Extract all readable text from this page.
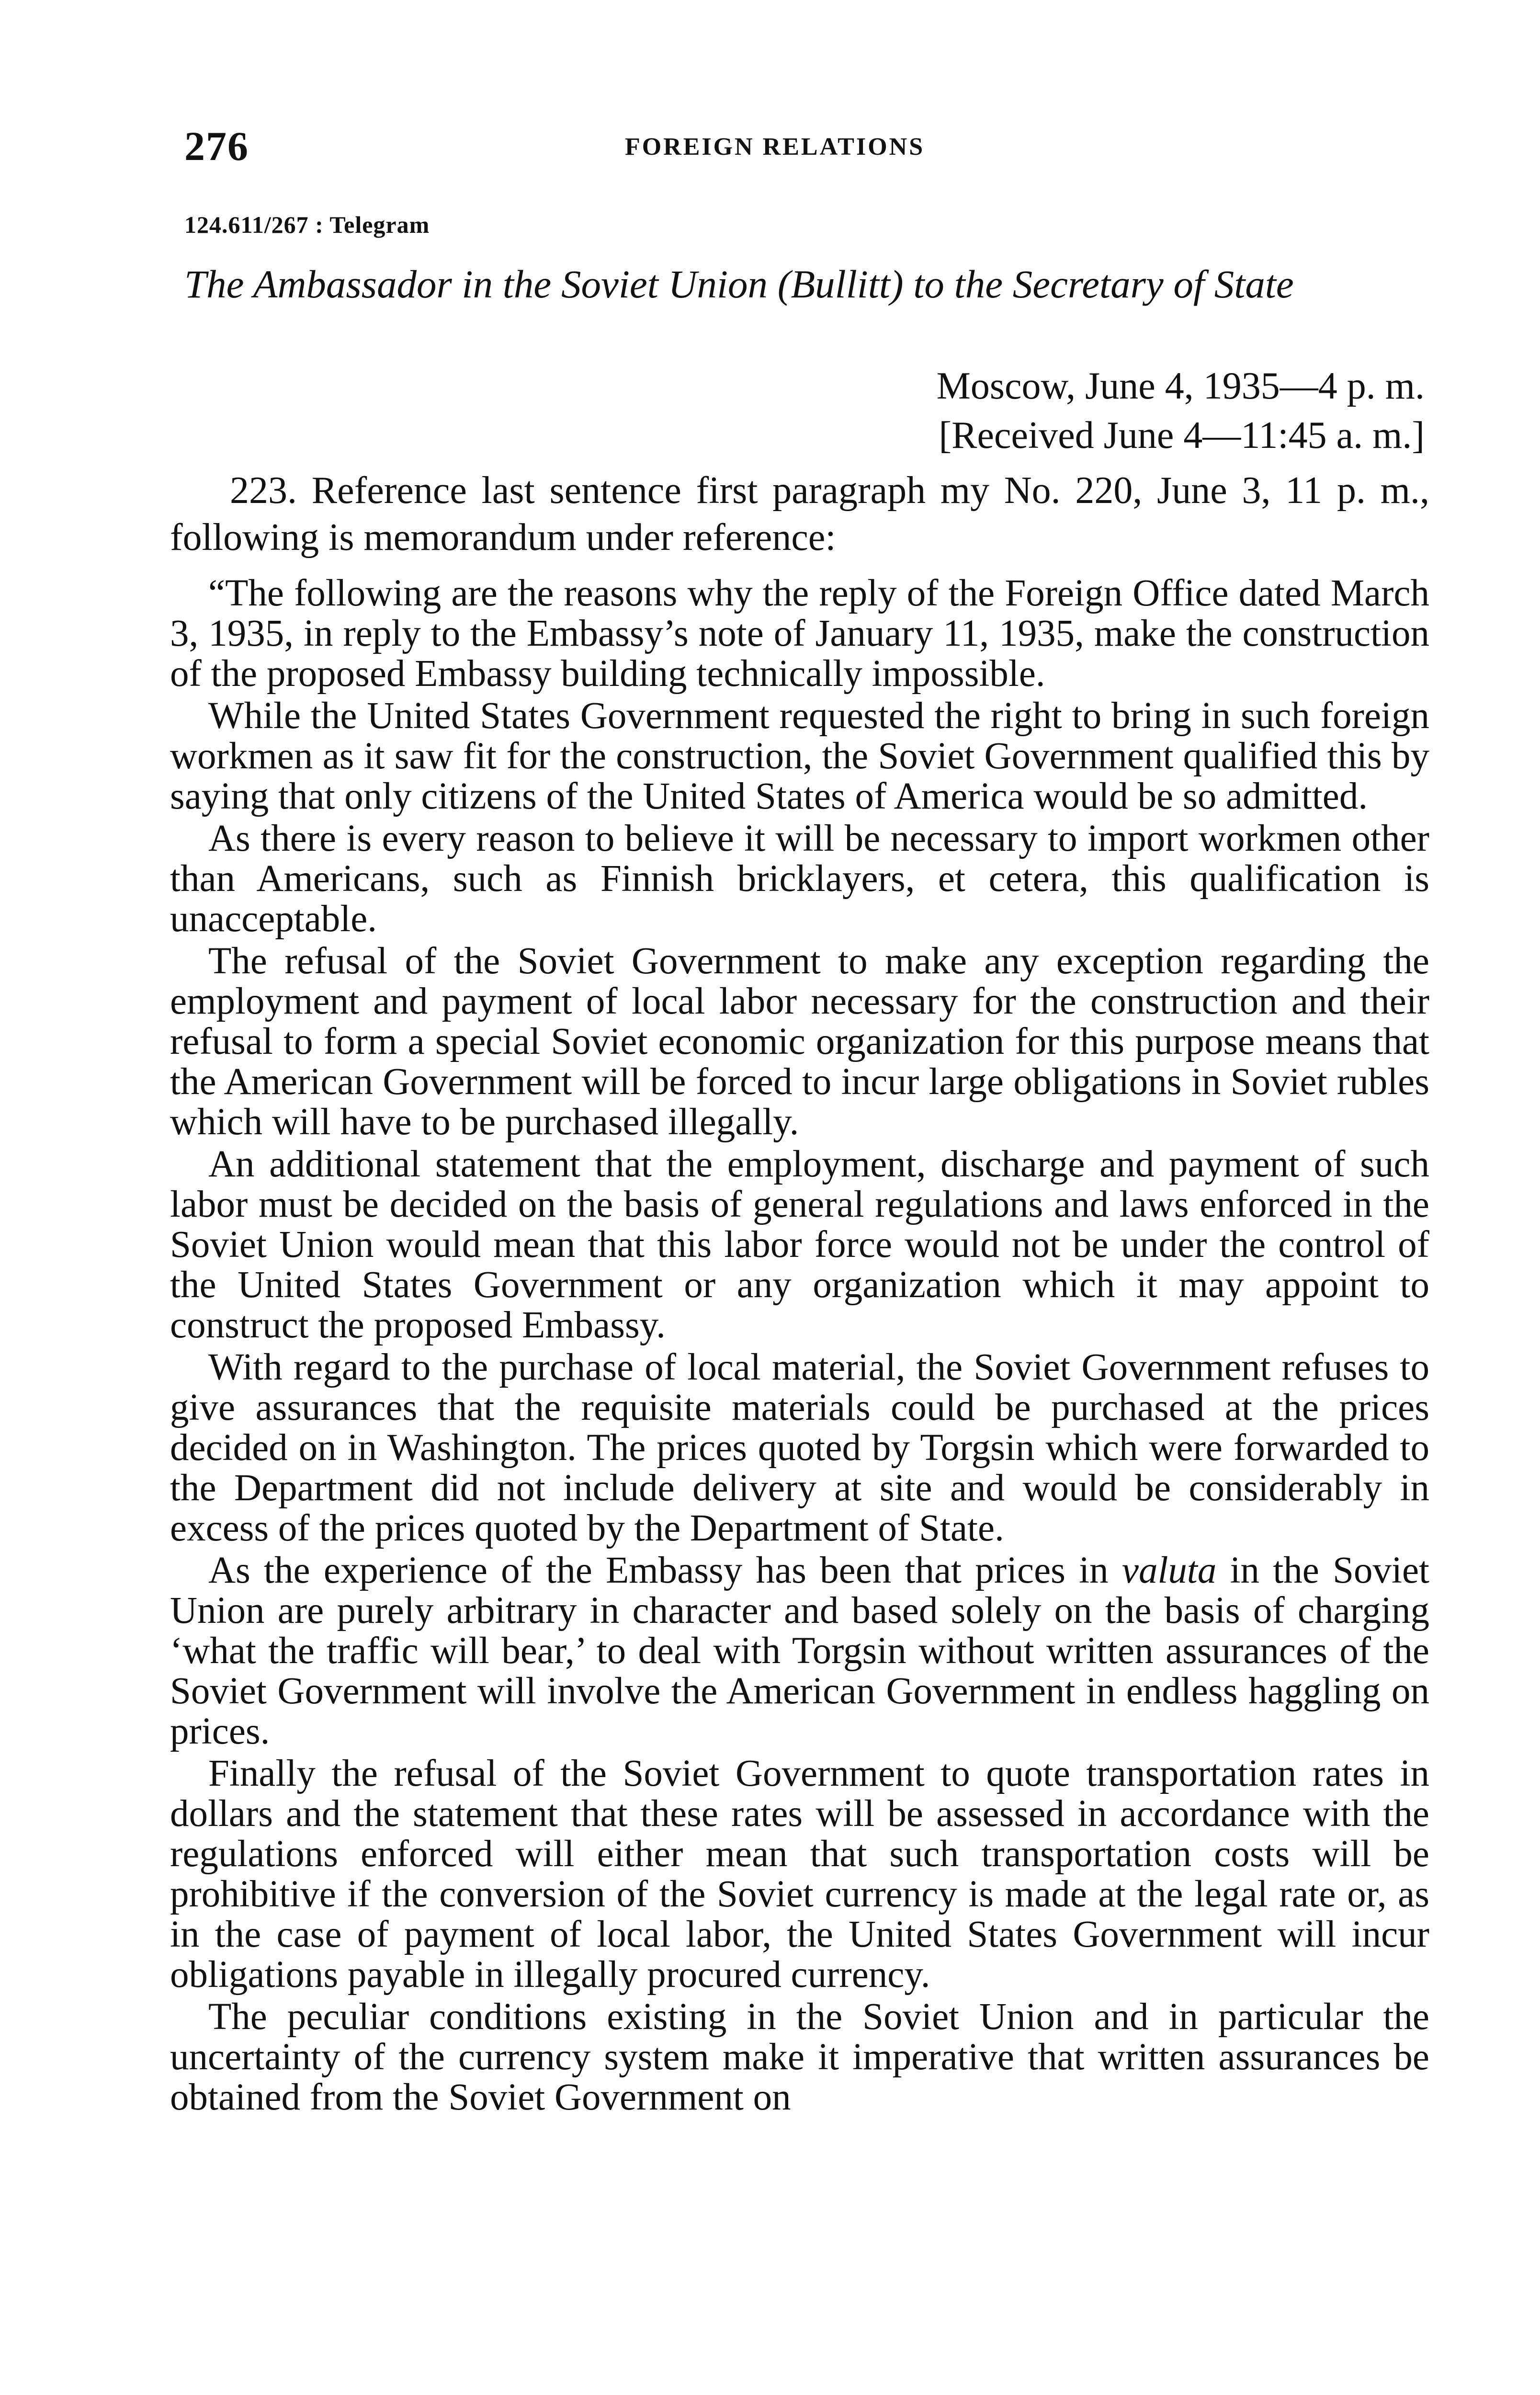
276	FOREIGN RELATIONS
124.611/267 : Telegram
The Ambassador in the Soviet Union (Bullitt) to the Secretary of State
Moscow, June 4, 1935—4 p. m.
[Received June 4—11:45 a. m.]

223. Reference last sentence first paragraph my No. 220, June 3, 11 p. m., following is memorandum under reference:

“The following are the reasons why the reply of the Foreign Office dated March 3, 1935, in reply to the Embassy’s note of January 11, 1935, make the construction of the proposed Embassy building technically impossible.

While the United States Government requested the right to bring in such foreign workmen as it saw fit for the construction, the Soviet Government qualified this by saying that only citizens of the United States of America would be so admitted.

As there is every reason to believe it will be necessary to import workmen other than Americans, such as Finnish bricklayers, et cetera, this qualification is unacceptable.

The refusal of the Soviet Government to make any exception regarding the employment and payment of local labor necessary for the construction and their refusal to form a special Soviet economic organization for this purpose means that the American Government will be forced to incur large obligations in Soviet rubles which will have to be purchased illegally.

An additional statement that the employment, discharge and payment of such labor must be decided on the basis of general regulations and laws enforced in the Soviet Union would mean that this labor force would not be under the control of the United States Government or any organization which it may appoint to construct the proposed Embassy.

With regard to the purchase of local material, the Soviet Government refuses to give assurances that the requisite materials could be purchased at the prices decided on in Washington. The prices quoted by Torgsin which were forwarded to the Department did not include delivery at site and would be considerably in excess of the prices quoted by the Department of State.

As the experience of the Embassy has been that prices in valuta in the Soviet Union are purely arbitrary in character and based solely on the basis of charging ‘what the traffic will bear,’ to deal with Torgsin without written assurances of the Soviet Government will involve the American Government in endless haggling on prices.

Finally the refusal of the Soviet Government to quote transportation rates in dollars and the statement that these rates will be assessed in accordance with the regulations enforced will either mean that such transportation costs will be prohibitive if the conversion of the Soviet currency is made at the legal rate or, as in the case of payment of local labor, the United States Government will incur obligations payable in illegally procured currency.

The peculiar conditions existing in the Soviet Union and in particular the uncertainty of the currency system make it imperative that written assurances be obtained from the Soviet Government on
